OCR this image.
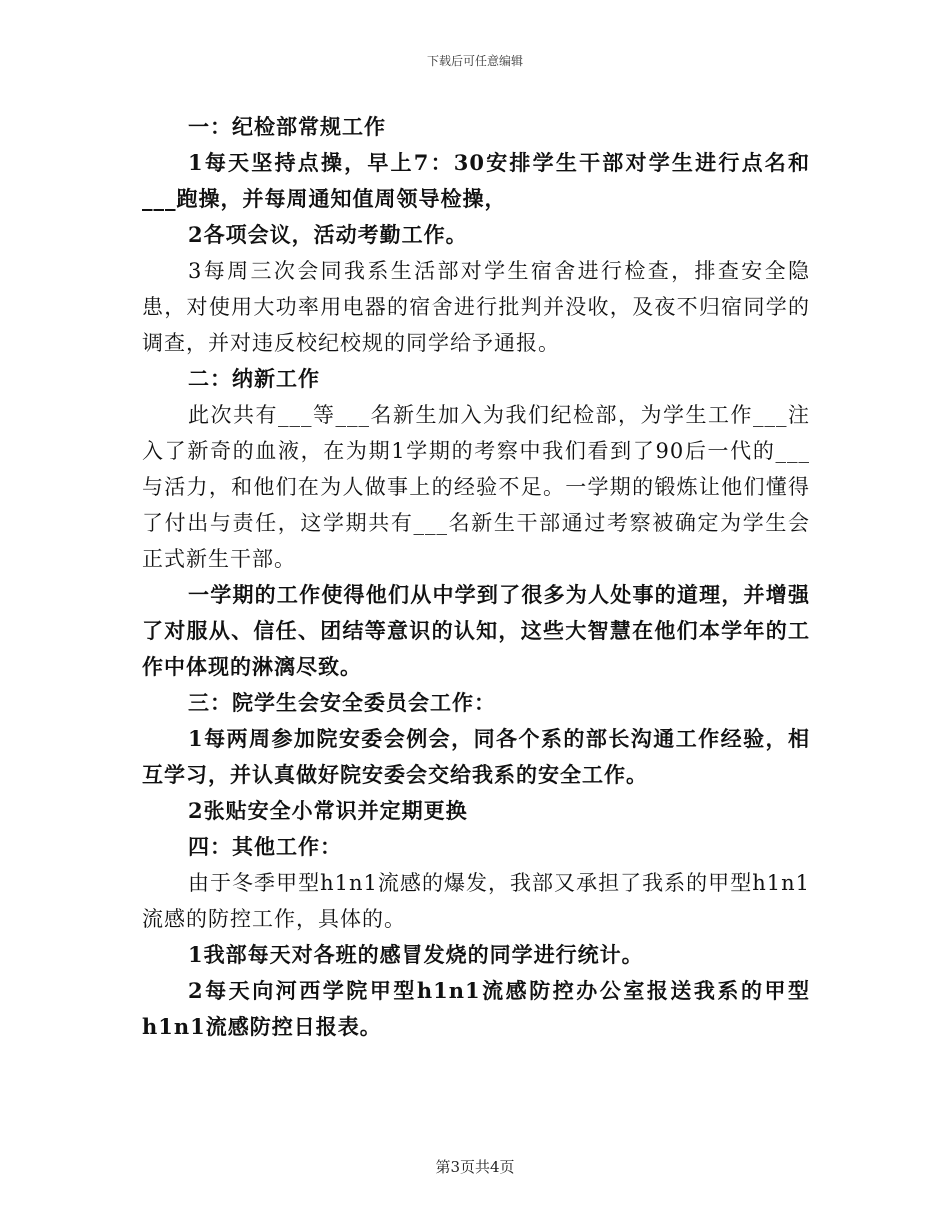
下载后可任意编辑

一：纪检部常规工作

1每天坚持点操，早上7：30安排学生干部对学生进行点名和___跑操，并每周通知值周领导检操，

2各项会议，活动考勤工作。

3每周三次会同我系生活部对学生宿舍进行检查，排查安全隐患，对使用大功率用电器的宿舍进行批判并没收，及夜不归宿同学的调查，并对违反校纪校规的同学给予通报。

二：纳新工作

此次共有___等___名新生加入为我们纪检部，为学生工作___注入了新奇的血液，在为期1学期的考察中我们看到了90后一代的___与活力，和他们在为人做事上的经验不足。一学期的锻炼让他们懂得了付出与责任，这学期共有___名新生干部通过考察被确定为学生会正式新生干部。

一学期的工作使得他们从中学到了很多为人处事的道理，并增强了对服从、信任、团结等意识的认知，这些大智慧在他们本学年的工作中体现的淋漓尽致。

三：院学生会安全委员会工作：

1每两周参加院安委会例会，同各个系的部长沟通工作经验，相互学习，并认真做好院安委会交给我系的安全工作。

2张贴安全小常识并定期更换

四：其他工作：

由于冬季甲型h1n1流感的爆发，我部又承担了我系的甲型h1n1流感的防控工作，具体的。

1我部每天对各班的感冒发烧的同学进行统计。

2每天向河西学院甲型h1n1流感防控办公室报送我系的甲型h1n1流感防控日报表。

第3页共4页
